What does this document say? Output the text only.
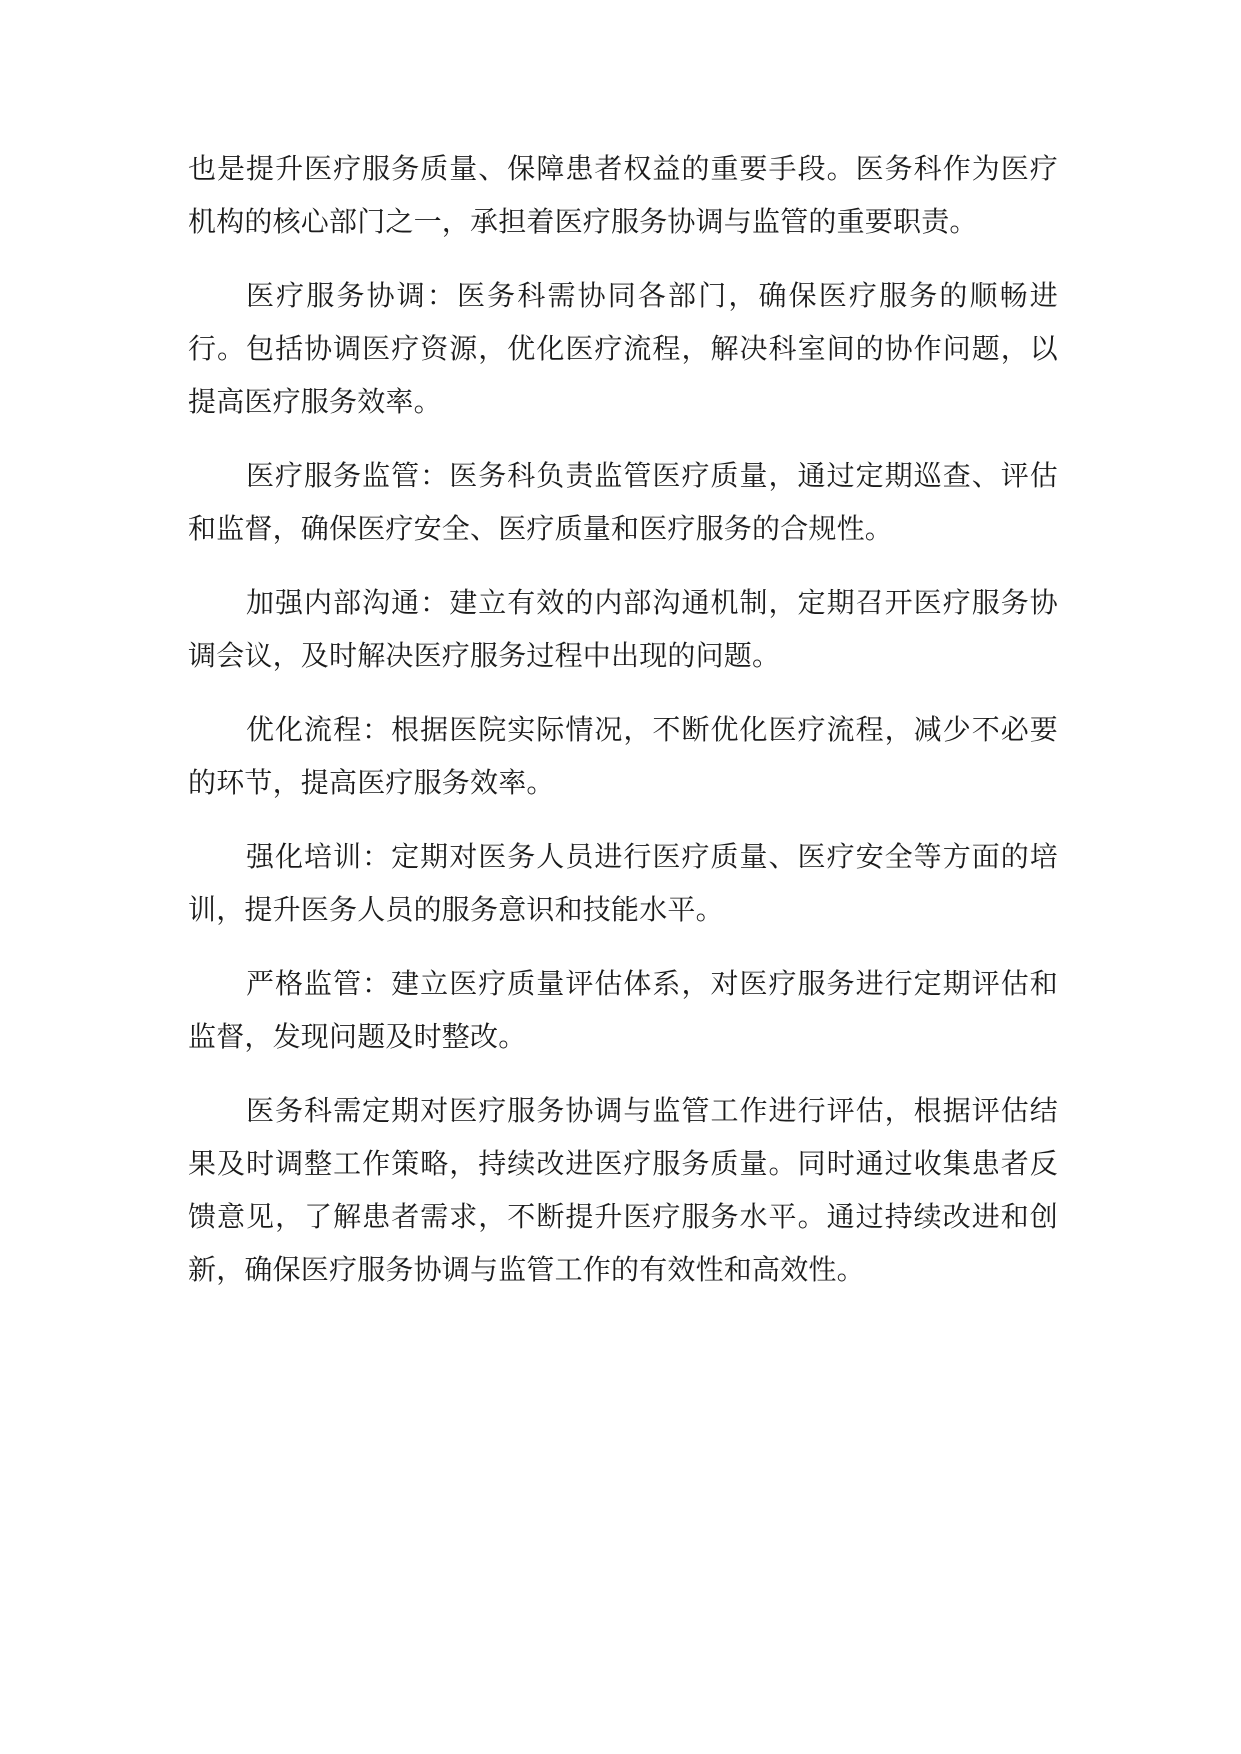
也是提升医疗服务质量、保障患者权益的重要手段。医务科作为医疗机构的核心部门之一，承担着医疗服务协调与监管的重要职责。

医疗服务协调：医务科需协同各部门，确保医疗服务的顺畅进行。包括协调医疗资源，优化医疗流程，解决科室间的协作问题，以提高医疗服务效率。

医疗服务监管：医务科负责监管医疗质量，通过定期巡查、评估和监督，确保医疗安全、医疗质量和医疗服务的合规性。

加强内部沟通：建立有效的内部沟通机制，定期召开医疗服务协调会议，及时解决医疗服务过程中出现的问题。

优化流程：根据医院实际情况，不断优化医疗流程，减少不必要的环节，提高医疗服务效率。

强化培训：定期对医务人员进行医疗质量、医疗安全等方面的培训，提升医务人员的服务意识和技能水平。

严格监管：建立医疗质量评估体系，对医疗服务进行定期评估和监督，发现问题及时整改。

医务科需定期对医疗服务协调与监管工作进行评估，根据评估结果及时调整工作策略，持续改进医疗服务质量。同时通过收集患者反馈意见，了解患者需求，不断提升医疗服务水平。通过持续改进和创新，确保医疗服务协调与监管工作的有效性和高效性。
